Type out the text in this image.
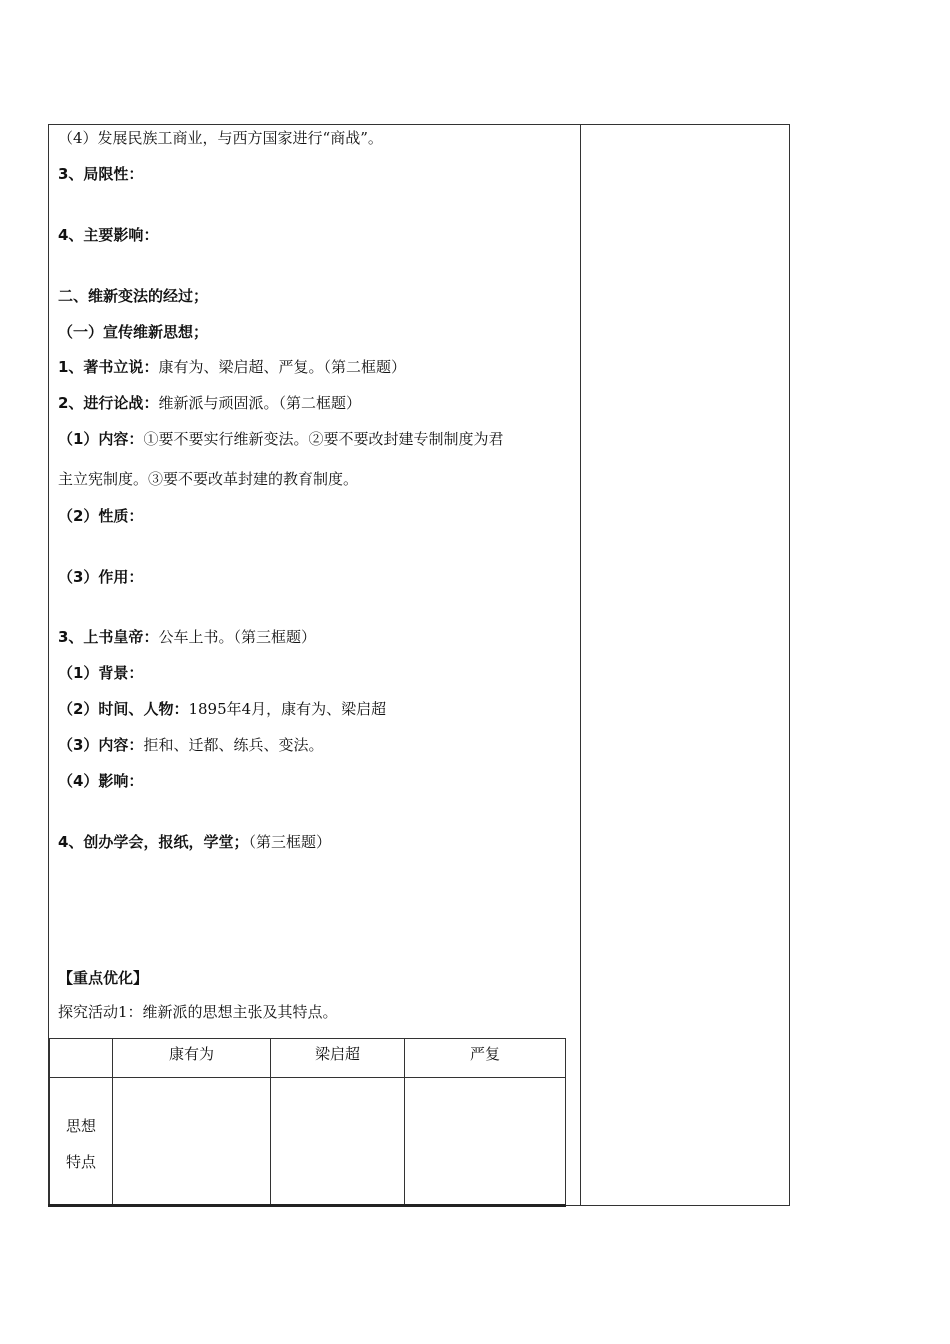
（4）发展民族工商业，与西方国家进行“商战”。
3、局限性：
4、主要影响：
二、维新变法的经过；
（一）宣传维新思想；
1、著书立说：康有为、梁启超、严复。（第二框题）
2、进行论战：维新派与顽固派。（第二框题）
（1）内容：①要不要实行维新变法。②要不要改封建专制制度为君
主立宪制度。③要不要改革封建的教育制度。
（2）性质：
（3）作用：
3、上书皇帝：公车上书。（第三框题）
（1）背景：
（2）时间、人物：1895年4月，康有为、梁启超
（3）内容：拒和、迁都、练兵、变法。
（4）影响：
4、创办学会，报纸，学堂；（第三框题）
【重点优化】
探究活动1：维新派的思想主张及其特点。
	康有为	梁启超	严复
思想
特点			
